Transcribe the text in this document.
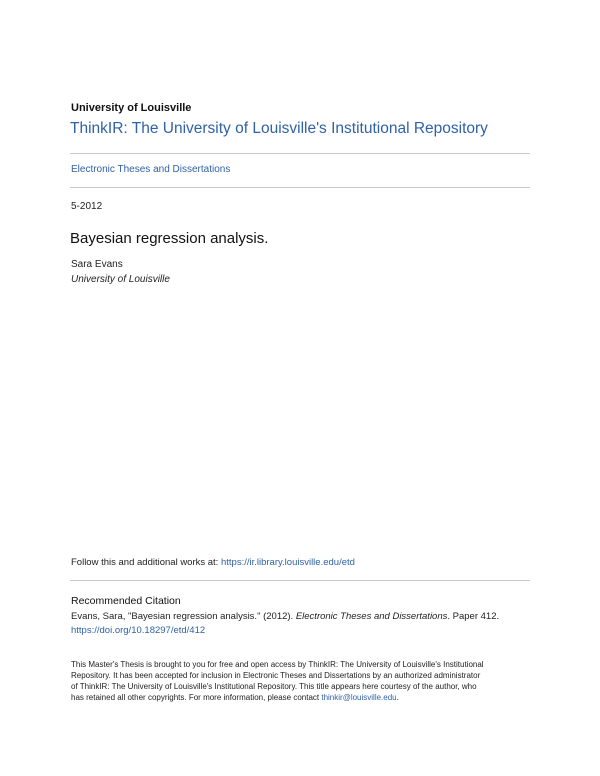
University of Louisville
ThinkIR: The University of Louisville's Institutional Repository
Electronic Theses and Dissertations
5-2012
Bayesian regression analysis.
Sara Evans
University of Louisville
Follow this and additional works at: https://ir.library.louisville.edu/etd
Recommended Citation
Evans, Sara, "Bayesian regression analysis." (2012). Electronic Theses and Dissertations. Paper 412.
https://doi.org/10.18297/etd/412
This Master's Thesis is brought to you for free and open access by ThinkIR: The University of Louisville's Institutional
Repository. It has been accepted for inclusion in Electronic Theses and Dissertations by an authorized administrator
of ThinkIR: The University of Louisville's Institutional Repository. This title appears here courtesy of the author, who
has retained all other copyrights. For more information, please contact thinkir@louisville.edu.
